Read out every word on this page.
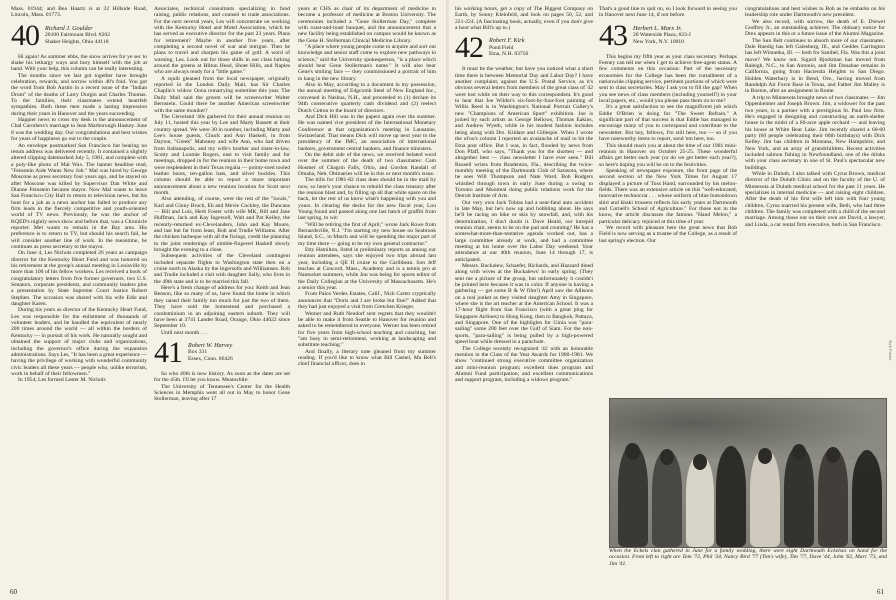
Mass. 01944; and Bea Haartz is at 32 Hillside Road, Lincoln, Mass. 01773.

40 Richard J. Goulder
20100 Fairmount Blvd. #202
Shaker Heights, Ohio 44118

Hi again! As summer ebbs, the snow arrives for ye sec to shake his lethargy ways and bury himself with the job at hand. With your help, this column can be really interesting.

The months since we last got together have brought celebration, rewards, and sorrow within 40's fold. You got the word from Bob Austin in a recent issue of the "Indian Drum" of the deaths of Larry Durgin and Charles Thomas. To the families, their classmates extend heartfelt sympathies. Both these men made a lasting impression during their years in Hanover and the years succeeding.

Happier news to cross my desk is the announcement of Chal Carothers's marriage to Jean Marborough Haskey. June 8 was the wedding day. Our congratulations and best wishes for years of happiness go out to the couple.

An envelope postmarked San Francisco but bearing no return address was delivered recently. It contained a slightly altered clipping datemarked July 5, 1981, and complete with a poly-like photo of Mal Wax. The banner headline read, "Feinstein Aide Wants New Job." Mal was hired by George Moscone as press secretary four years ago, and he stayed on after Moscone was killed by Supervisor Dan White and Dianne Feinstein became mayor. Now Mal wants to leave San Francisco City Hall to return to television news, but his hunt for a job as a news anchor has failed to produce any firm leads in the fiercely competitive and youth-oriented world of TV news. Previously, he was the anchor of KQED's nightly news show and before that, was a Chronicle reporter. Mel wants to remain in the Bay area. His preference is to return to TV, but should his search fail, he will consider another line of work. In the meantime, he continues as press secretary to the mayor.

On June 4, Les Nichols completed 26 years as campaign director for the Kentucky Heart Fund and was honored on his retirement at the group's annual meeting in Louisville by more than 100 of his fellow workers. Les received a book of congratulatory letters from five former governors, two U.S. Senators, corporate presidents, and community leaders plus a presentation by State Supreme Court Justice Robert Stephen. The occasion was shared with his wife Edie and daughter Karen.

During his years as director of the Kentucky Heart Fund, Les was responsible for the enlistment of thousands of volunteer leaders, and he handled the equivalent of nearly 200 times around the world — all within the borders of Kentucky — in pursuit of his work. He naturally sought and obtained the support of major clubs and organizations, including the governor's office during the expansion administrations. Says Les, "It has been a great experience — having the privilege of working with wonderful community civic leaders all these years — people who, unlike terrorists, work in behalf of their fellowmen."

In 1954, Les formed Lester M. Nichols

Associates, technical consultants specializing in fund raising, public relations, and counsel to trade associations. For the next several years, Les will concentrate on working with the Kentucky Hotel and Motel Association, which he has served as executive director for the past 23 years. Plans for retirement? Maybe in another five years, after completing a second novel of war and intrigue. Then he plans to travel and sharpen his game of golf. A word of warning, Les. Look out for those shills in our class lurking around the greens at Hilton Head, Shoet Hills, and Naples who are always ready for a "little game."

A squib gleaned from the local newspaper, originally reported in the London Daily Mail, has Sir Charles Chaplin's widow Oona remarrying sometime this year. The Daily Mail said the groom will be screenwriter Walter Bernstein. Could there be another American screenwriter with the same moniker?

The Cleveland '40s gathered for their annual reunion on July 11, hosted this year by Lee and Marty Bassett at their country spread. We were 30 in number, including Marty and Lee's house guests, Chuck and Ann Haskell, in from Dayton, "Greek" Mahoney and wife Ann, who had driven from Indianapolis, and my wife's brother and sister-in-law, Scotty and Loomie Rogers, east to visit family and for meetings, dropped in for the reunion in their home town and were resplendent in their Texas regalia — pointy-toed tooled leather boots, ten-gallon hats, and silver buckles. This column should be able to report a more important announcement about a new reunion location for Scott next month.

Also attending, of course, were the rest of the "locals," Karl and Ginny Bruch, Eb and Mevie Cockley, the Duncans — Bill and Lois, Herb Foster with wife MK, Bill and Jane Huffman, Jack and Kay Ingersoll, Walt and Pat Kelley, the recently-returned ex-Clevelanders, John and Kay Moore, and last but far from least, Bob and Trudie Williams. After the chicken barbeque with all the fixings, credit the planning to the joint renderings of nimble-fingered Haskell slowly brought the evening to a close.

Subsequent activities of the Cleveland contingent included separate flights to Washington state then on a cruise north to Alaska by the Ingersolls and Williamses. Bob and Trudie included a visit with daughter Sally, who lives in the 49th state and is to be married this fall.

Here's a fresh change of address for you: Keith and Jean Benson, like so many of us, have found the home in which they raised their family too much for just the two of them. They have sold the homestead and purchased a condominium in an adjoining eastern suburb. They will have been at 3741 Lander Road, Orange, Ohio 44022 since September 10.

Until next month . . .

41 Robert W. Harvey
Box 331
Essex, Conn. 06426

So who 40th is now history. As soon as the dates are set for the 45th. I'll let you know. Meanwhile:

The University of Tennessee's Center for the Health Sciences in Memphis went all out in May to honor Gene Stollerman, leaving after 17

years at CHS as chair of its department of medicine to become a professor of medicine at Boston University. The ceremonies included a "Gene Stollerman Day," complete with roast-and-toast banquet, and the announcement that a new facility being established on campus would be known as the Gene H. Stollerman Clinical Medicine Library.

"A place where young people come to acquire and sort out knowledge and senior staff come to explore new pathways in science," said the University spokesperson, "is a place which should bear Gene Stollerman's name." It will also bear Gene's smiling face — they commissioned a portrait of him to hang in the new library.

Also in May, according to a document in my possession, the annual meeting of Edgcomb Steel of New England Inc., convened in Nashua, N.H., and proceeded to (1) declare its 94th consecutive quarterly cash dividend and (2) reelect Dutch Cotton to the board of directors.

And Dick Hill was in the papers again over the summer. He was named vice president of the International Monetary Conference at that organization's meeting in Lausanne, Switzerland. That means Dick will move up next year to the presidency of the IMC, an association of international bankers, government central bankers, and finance ministers.

On the debit side of the news, we received belated word over the summer of the death of two classmates: Cam Hosmer of Chagrin Falls, Ohio, and Gordon Randall of Omaha, Neb. Obituaries will be in this or next month's issue.

The bills for 1981-82 class dues should be in the mail by now, so here's your chance to rebuild the class treasury after the reunion blast and, by filling up all that white space on the back, let the rest of us know what's happening with you and yours. In clearing the decks for the new fiscal year, Lou Young found and passed along one last batch of graffiti from last spring, to wit:

"Will be retiring the first of April," wrote Jack Rowe from Bernardsville, N.J. "I'm starting my new house on Seabrook Island, S.C., in March and will be spending the major part of my time there — going to be my own general contractor."

Etty Hamilton, listed in preliminary reports as among our reunion attendees, says she enjoyed two trips abroad last year, including a QE II cruise to the Caribbean. Son Jeff teaches at Concord, Mass., Academy and is a tennis pro at Nantucket summers, while Jon was being for sports editor of the Daily Collegian at the University of Massachusetts. He's a senior this year.

From Palos Verdes Estates, Calif., Nick Carter cryptically announces that "Doris and I are broke but fine!" Added that they had just enjoyed a visit from Gretchen Krieger.

Werner and Ruth Neudorf sent regrets that they wouldn't be able to make it from Seattle to Hanover for reunion and asked to be remembered to everyone. Werner has been retired for five years from high-school teaching and coaching, but "am busy in semi-retirement, working at landscaping and substitute teaching."

And finally, a literary note gleaned from my summer reading. If you'd like to know what Bill Cashel, Ma Bell's chief financial officer, does in

60

his working hours, get a copy of The Biggest Company on Earth, by Sonny Kleinfeld, and look on pages 50, 52, and 221-224. (A fascinating book, actually, even if you don't give a hoot what Bill's up to.)

42 Robert F. Kirk
Pond Field
Etna, N.H. 03750

It must be the weather, but have you noticed what a short time there is between Memorial Day and Labor Day? I have another complaint, against the U.S. Postal Service, as it's obvious several letters from members of the great class of '42 were lost while on their way to this correspondent. It's good to hear that Joe Wilder's six-foot-by-four-foot painting of Willis Reed is in Washington's National Portrait Gallery's new "Champions of American Sport" exhibition. Joe is joined by such artists as George Bellows, Thomas Eakins, and Andrew Wyeth, while in his modest fashion includes being along with Drs. Kildare and Gillespie. When I wrote the ol'ou's column I reported an avalanche of mail to hit the Etna post office. But I was, in fact, flooded by news from Don Pfaff, who says, "Thank you for the shortest — and altogether best — class newsletter I have ever seen." Bill Russell writes from Bradenton, Fla., describing the twice-monthly meeting of the Dartmouth Club of Sarasota, where he sees Will Thompson and Nate Ward. Bob Rodgers whistled through town in early June during a swing to Toronto and Montreal doing public relations work for the Detroit Institute of Arts.

Our very own Jack Tobias had a near-fatal auto accident in late May, but he's now up and hobbling about. He says he'll be racing on bike or skis by snowfall, and, with his determination, I don't doubt it. Dave Heald, our intrepid reunion chair, seems to be on the pad and counting? He has a somewhat-more-than-tentative agenda worked out, has a large committee already at work, and had a committee meeting at his home over the Labor Day weekend. Your attendance at our 40th reunion, June 14 through 17, is anticipated.

Messrs. Buckalew, Schaefer, Richards, and Hazzard dined along with wives at the Buckalews' in early spring. (They sent me a picture of the group, but unfortunately it couldn't be printed here because it was in color. If anyone is having a gathering — get some B & W film!) April saw the Allisons on a real junket as they visited daughter Amy in Singapore, where she is the art teacher at the American School. It was a 17-hour flight from San Francisco (with a great plug for Singapore Airlines) to Hong Kong, then to Bangkok, Pattaya, and Singapore. One of the highlights for Ginia was "para-sailing" some 200 feet over the Gulf of Siam. For the non-sports, "para-sailing" is being pulled by a high-powered speed boat while dressed in a parachute.

The College recently recognized '42 with an honorable mention in the Class of the Year Awards for 1980-1981. We show "continued strong executive committee organization and mini-reunion program; excellent dues program and Alumni Fund participation; and excellent communications and support program, including a widows program."

That's a good line to quit on, so I look forward to seeing you in Hanover next June 14, if not before.

43 Herbert L. Marx Jr.
20 Waterside Plaza, #23-J
New York, N.Y. 10010

This begins my fifth year as your class secretary. Perhaps Feeney can tell me when I get to achieve free-agent status. A few comments on this occasion: Part of the necessary economies for the College has been the curtailment of a nationwide clipping service, pertinent portions of which were sent to class secretaries. May I ask you to fill the gap? When you see news of class members (including yourself!) in your local papers, etc., would you please pass them on to me?

It's a great satisfaction to see the magnificent job which Eddie O'Brien is doing for "The Sweet Refrain." A significant part of that success is that Eddie has managed to encourage many of you to correspond and contribute to the newsletter. But hey, fellows, I'm still here, too — so if you have noteworthy items to report, send 'em here, too.

This should reach you at about the time of our 1981 mini-reunion in Hanover on October 25-25. These wonderful affairs get better each year (or do we get better each year?), so here's hoping you will be on to the festivities.

Speaking of newspaper exposure, the front page of the second section of the New York Times for August 17 displayed a picture of Tuss Hand, surrounded by his melon-fields. There was an extensive article on this "well-educated, innovative technocrat . . . whose uniform of blue buttondown shirt and khaki trousers reflects his early years at Dartmouth and Cornell's School of Agriculture." For those not in the know, the article discusses the famous "Hand Melon," a particular delicacy rejoiced at this time of year.

We record with pleasure here the great news that Bob Field is now serving as a trustee of the College, as a result of last spring's election. Our

congratulations and best wishes to Bob as he embarks on his leadership role under Dartmouth's new president.

We also record, with sorrow, the death of E. Drewel Godfrey Jr., an outstanding achiever. The obituary notice for Drex appears in this or a future issue of the Alumni Magazine.

The Sun Belt continues to absorb more of our classmates. Dale Ruedig has left Galesburg, Ill., and Geddes Carrington has left Winnetka, Ill. — both for Sanibel, Fla. Was this a joint move? We know not. Sigurd Bjorkman has moved from Raleigh, N.C., to San Antonio, and Jim Donahue remains in California, going from Hacienda Heights to San Diego. Holden Waterbury is in Bend, Ore., having moved from Randolph Air Force Base in Texas, and Father Jim Malley is in Boston, after an assignment in Rome.

A trip to Minnesota brought news of two classmates — Jim Oppenheimer and Joseph Brown. Jim, a widower for the past two years, is a partner with a prestigious St. Paul law firm. He's engaged in designing and constructing an earth-shelter house in the midst of a 60-acre apple orchard — and leaving his house at White Bear Lake. Jim recently shared a 60-60 party (60 people celebrating their 60th birthdays) with Dick Kelley. Jim has children in Montana, New Hampshire, and New York, and an array of grandchildren. Recent activities included salmon fishing in Newfoundland, one of the drinks with your class secretary in one of St. Paul's spectacular new buildings.

While in Duluth, I also talked with Cyrus Brown, medical director of the Duluth Clinic and on the faculty of the U. of Minnesota at Duluth medical school for the past 11 years. He specializes in internal medicine — and raising eight children. After the death of his first wife left him with four young children, Cyrus married his present wife, Beth, who had three children. The family was completed with a child of the second marriage. Among those out on their own are David, a lawyer, and Linda, a car rental firm executive, both in San Francisco.

61
Jack Foster
When the Eckels clan gathered in June for a family wedding, there were eight Dartmouth Eckelses on hand for the occasion. From left to right are Tom '72, Phil '34, Nancy Bird '77 (Tim's wife), Tim '77, Dave '44, John '62, Marc '73, and Jim '41.
